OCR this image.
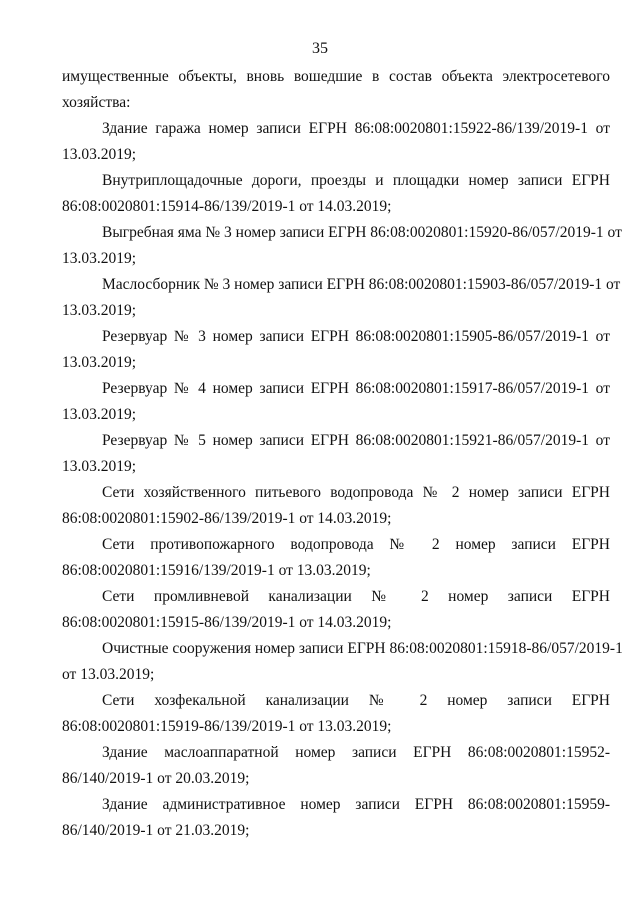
35

имущественные объекты, вновь вошедшие в состав объекта электросетевого
хозяйства:

Здание гаража номер записи ЕГРН 86:08:0020801:15922-86/139/2019-1 от
13.03.2019;

Внутриплощадочные дороги, проезды и площадки номер записи ЕГРН
86:08:0020801:15914-86/139/2019-1 от 14.03.2019;

Выгребная яма № 3 номер записи ЕГРН 86:08:0020801:15920-86/057/2019-1 от
13.03.2019;

Маслосборник № 3 номер записи ЕГРН 86:08:0020801:15903-86/057/2019-1 от
13.03.2019;

Резервуар № 3 номер записи ЕГРН 86:08:0020801:15905-86/057/2019-1 от
13.03.2019;

Резервуар № 4 номер записи ЕГРН 86:08:0020801:15917-86/057/2019-1 от
13.03.2019;

Резервуар № 5 номер записи ЕГРН 86:08:0020801:15921-86/057/2019-1 от
13.03.2019;

Сети хозяйственного питьевого водопровода № 2 номер записи ЕГРН
86:08:0020801:15902-86/139/2019-1 от 14.03.2019;

Сети противопожарного водопровода № 2 номер записи ЕГРН
86:08:0020801:15916/139/2019-1 от 13.03.2019;

Сети промливневой канализации № 2 номер записи ЕГРН
86:08:0020801:15915-86/139/2019-1 от 14.03.2019;

Очистные сооружения номер записи ЕГРН 86:08:0020801:15918-86/057/2019-1
от 13.03.2019;

Сети хозфекальной канализации № 2 номер записи ЕГРН
86:08:0020801:15919-86/139/2019-1 от 13.03.2019;

Здание маслоаппаратной номер записи ЕГРН 86:08:0020801:15952-
86/140/2019-1 от 20.03.2019;

Здание административное номер записи ЕГРН 86:08:0020801:15959-
86/140/2019-1 от 21.03.2019;
